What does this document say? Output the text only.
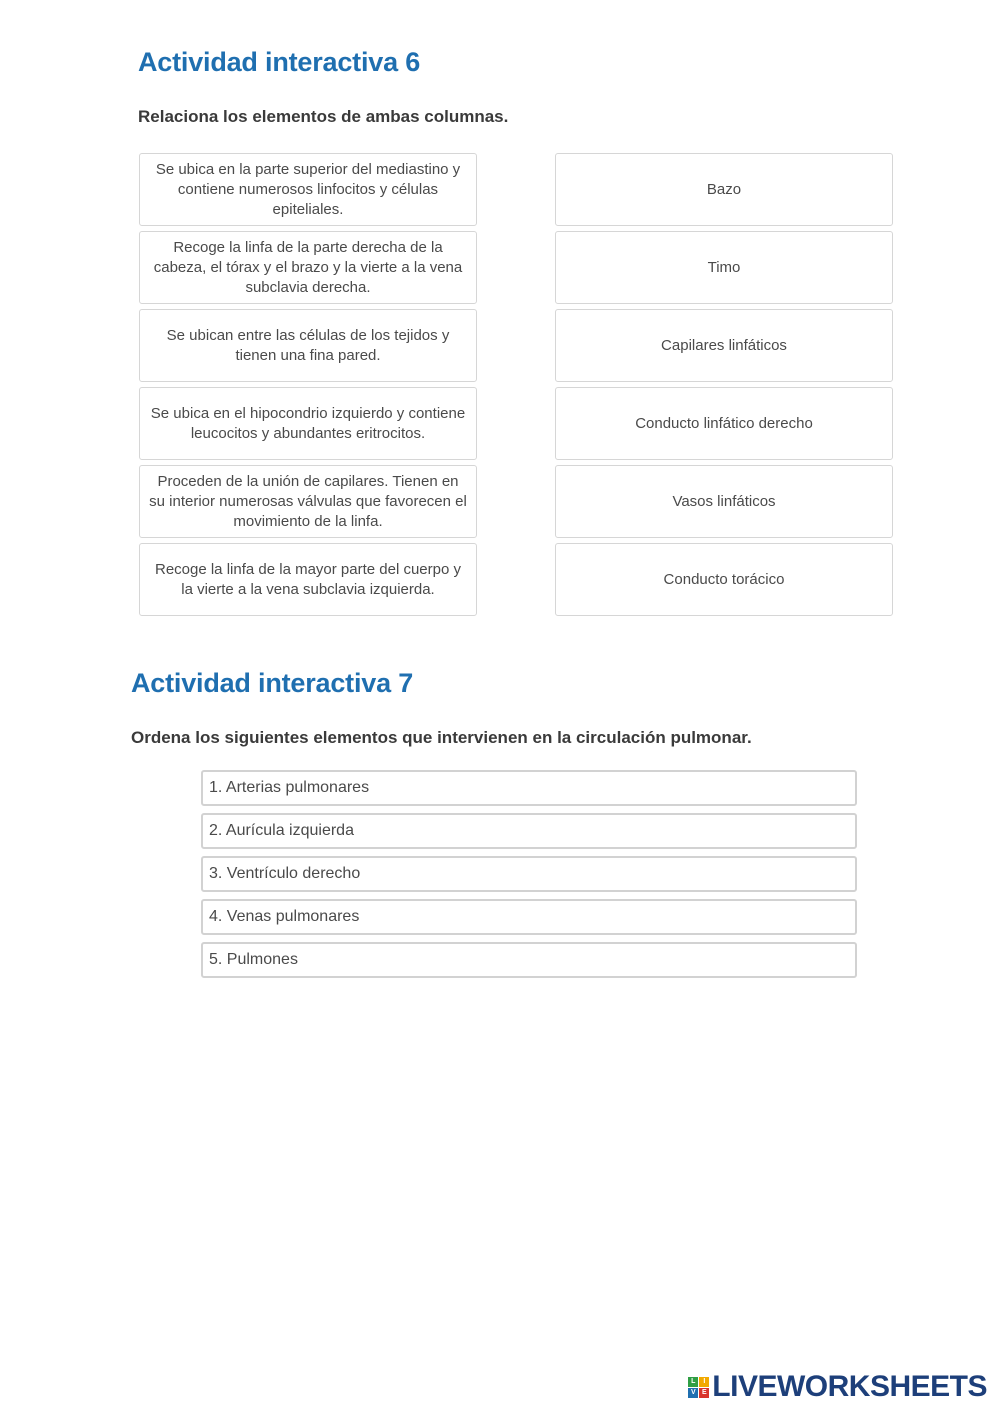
Actividad interactiva 6

Relaciona los elementos de ambas columnas.

Se ubica en la parte superior del mediastino y contiene numerosos linfocitos y células epiteliales.
Recoge la linfa de la parte derecha de la cabeza, el tórax y el brazo y la vierte a la vena subclavia derecha.
Se ubican entre las células de los tejidos y tienen una fina pared.
Se ubica en el hipocondrio izquierdo y contiene leucocitos y abundantes eritrocitos.
Proceden de la unión de capilares. Tienen en su interior numerosas válvulas que favorecen el movimiento de la linfa.
Recoge la linfa de la mayor parte del cuerpo y la vierte a la vena subclavia izquierda.
Bazo
Timo
Capilares linfáticos
Conducto linfático derecho
Vasos linfáticos
Conducto torácico
Actividad interactiva 7

Ordena los siguientes elementos que intervienen en la circulación pulmonar.

1. Arterias pulmonares
2. Aurícula izquierda
3. Ventrículo derecho
4. Venas pulmonares
5. Pulmones
L	I
V E LIVEWORKSHEETS
